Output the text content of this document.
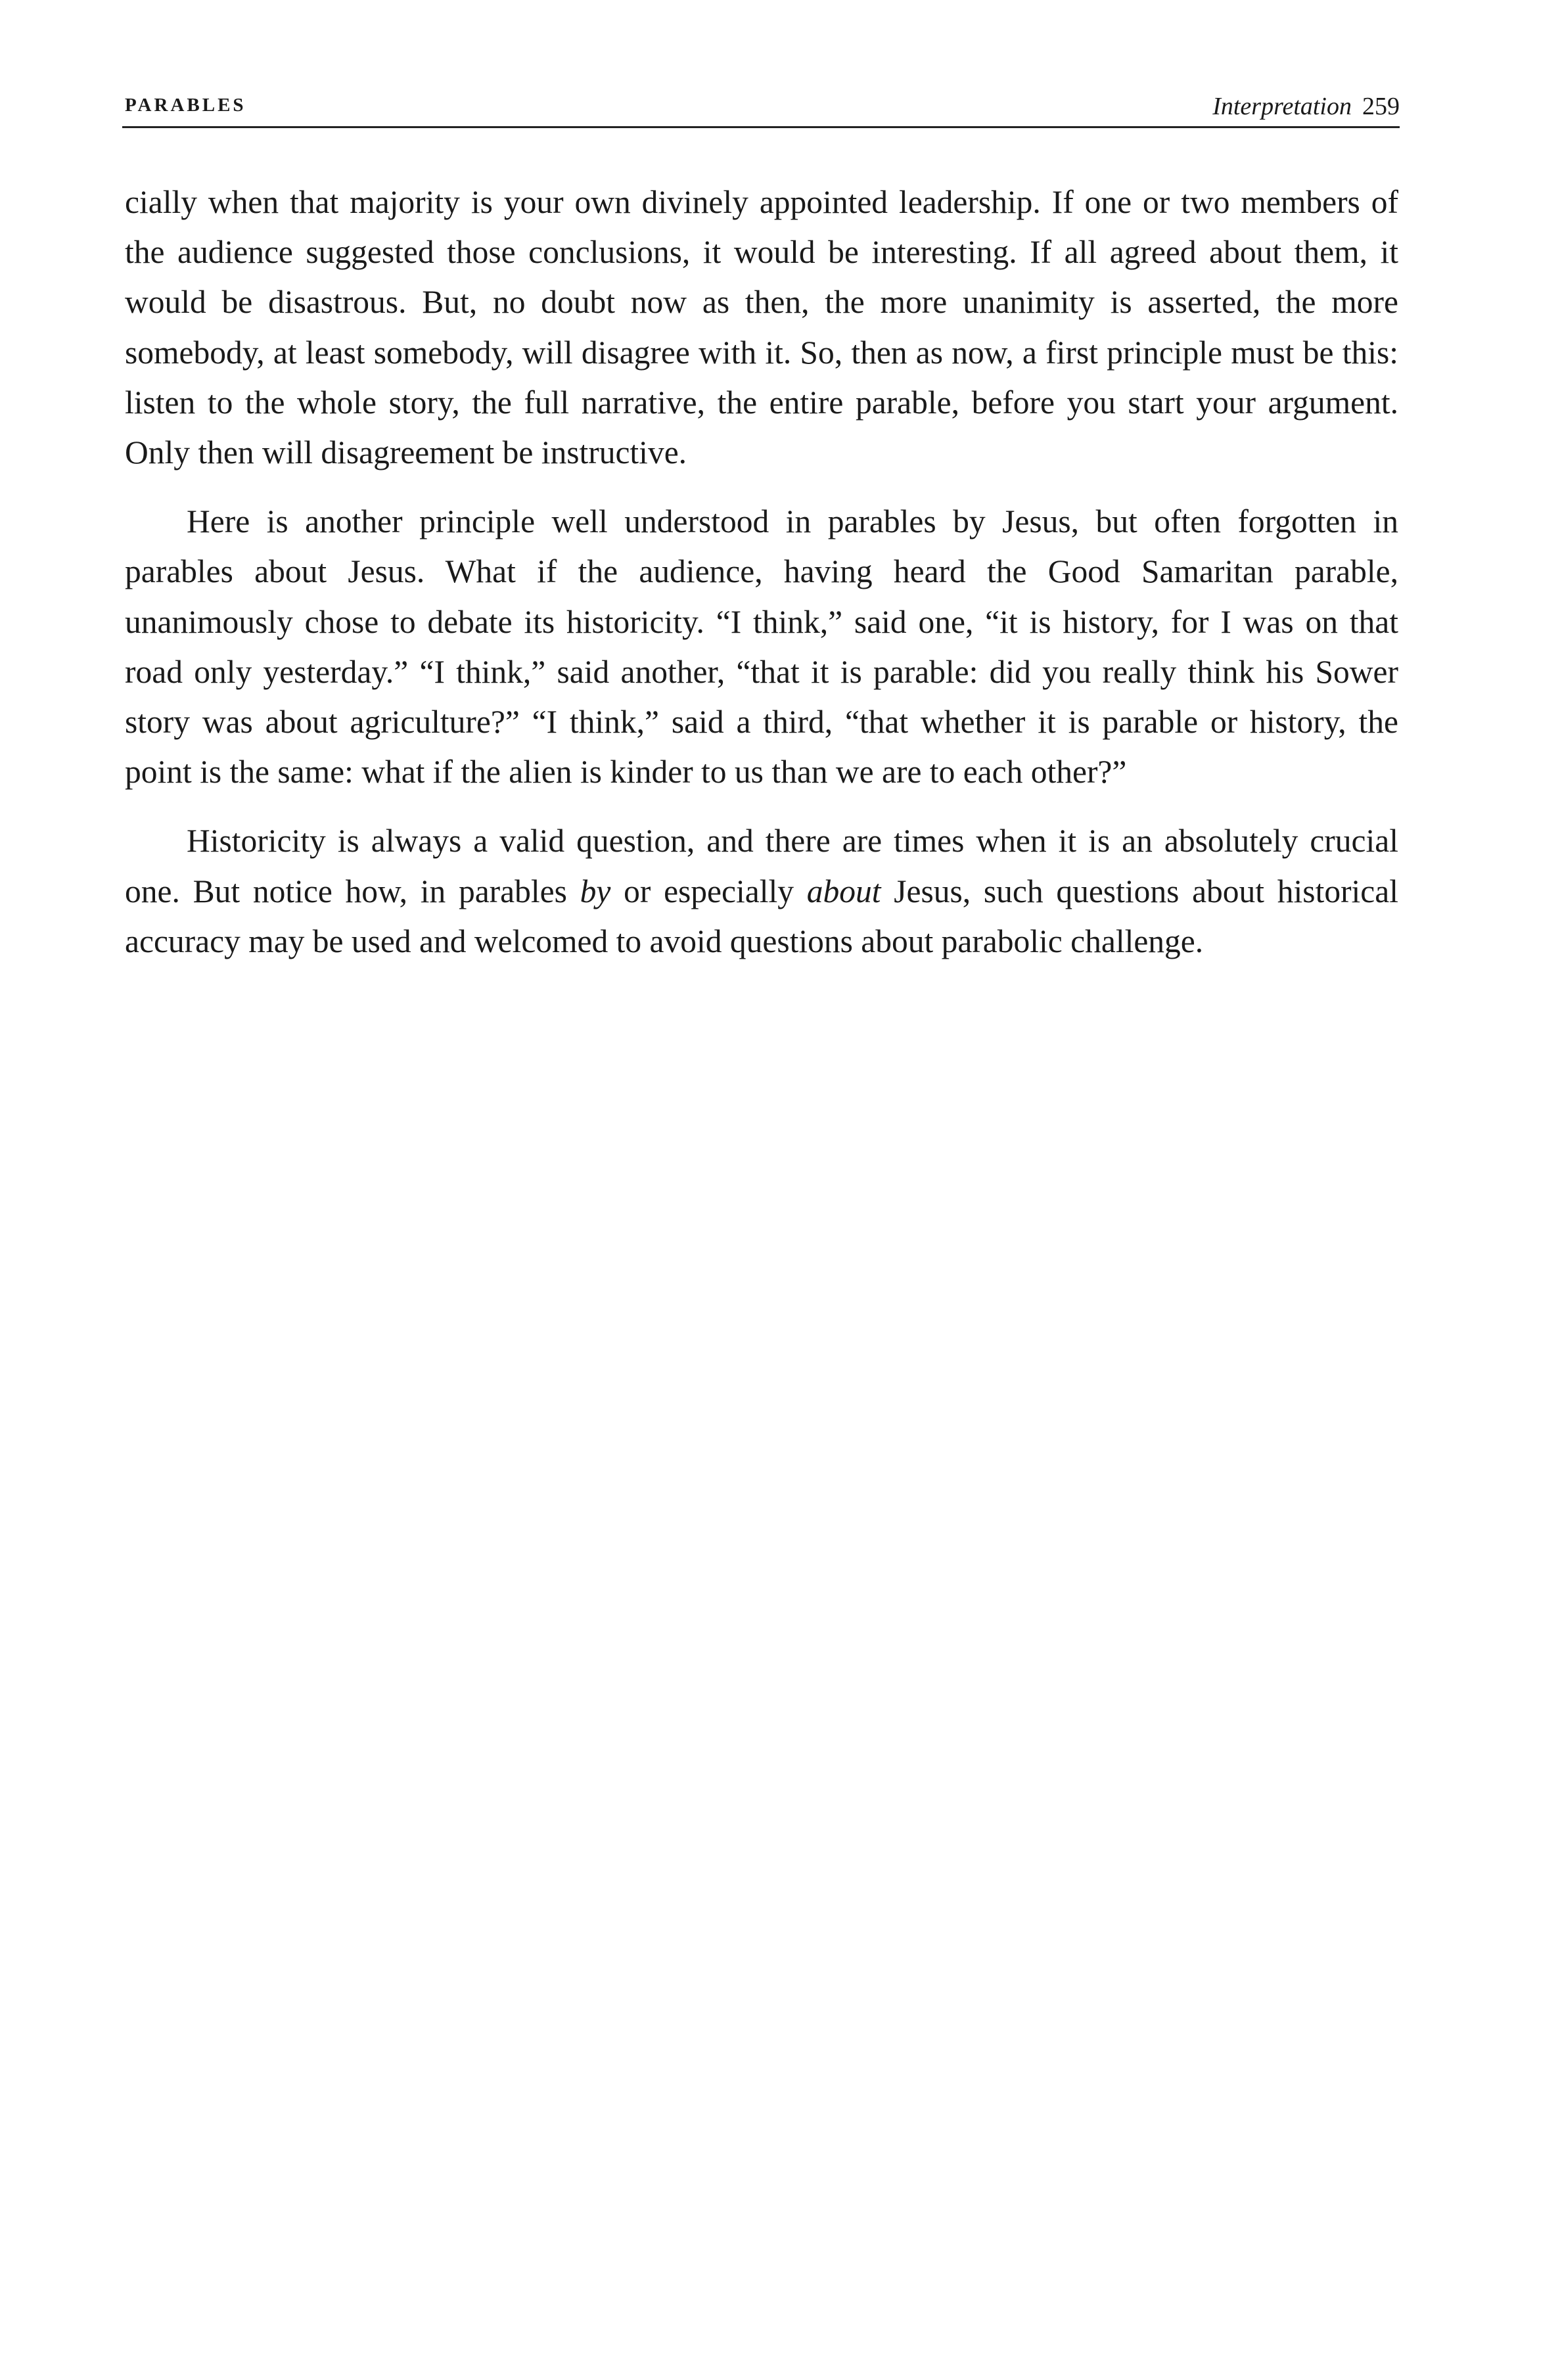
PARABLES	Interpretation 259

cially when that majority is your own divinely appointed leadership. If one or two members of the audience suggested those conclusions, it would be interesting. If all agreed about them, it would be disastrous. But, no doubt now as then, the more unanimity is asserted, the more somebody, at least somebody, will disagree with it. So, then as now, a first principle must be this: listen to the whole story, the full narrative, the entire parable, before you start your argument. Only then will disagreement be instructive.

Here is another principle well understood in parables by Jesus, but often forgotten in parables about Jesus. What if the audience, having heard the Good Samaritan parable, unanimously chose to debate its historicity. “I think,” said one, “it is history, for I was on that road only yesterday.” “I think,” said another, “that it is parable: did you really think his Sower story was about agriculture?” “I think,” said a third, “that whether it is parable or history, the point is the same: what if the alien is kinder to us than we are to each other?”

Historicity is always a valid question, and there are times when it is an absolutely crucial one. But notice how, in parables by or especially about Jesus, such questions about historical accuracy may be used and welcomed to avoid questions about parabolic challenge.
